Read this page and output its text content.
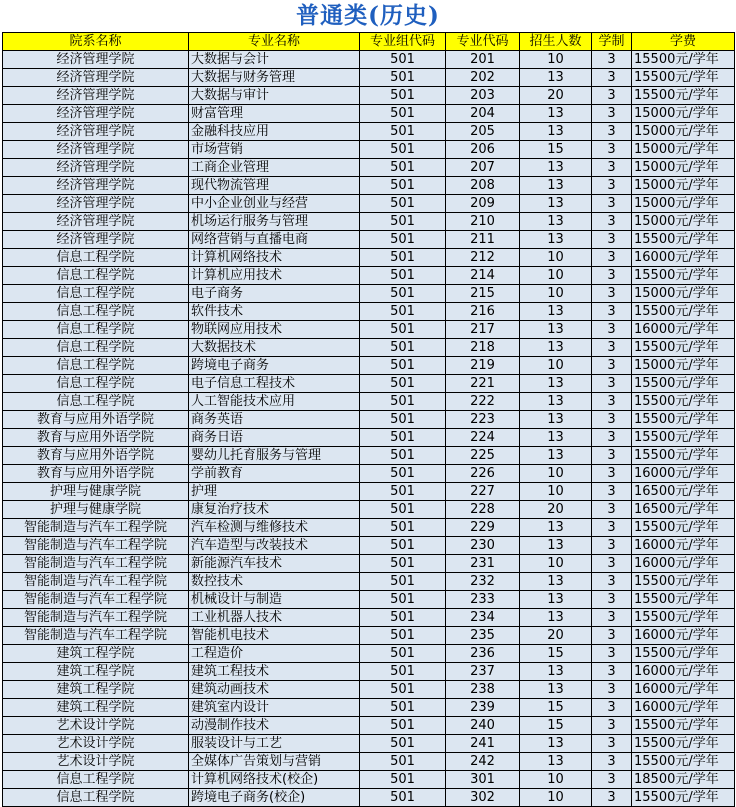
普通类(历史)
院系名称	专业名称	专业组代码	专业代码	招生人数	学制	学费
经济管理学院	大数据与会计	501	201	10	3	15500元/学年
经济管理学院	大数据与财务管理	501	202	13	3	15500元/学年
经济管理学院	大数据与审计	501	203	20	3	15500元/学年
经济管理学院	财富管理	501	204	13	3	15000元/学年
经济管理学院	金融科技应用	501	205	13	3	15000元/学年
经济管理学院	市场营销	501	206	15	3	15000元/学年
经济管理学院	工商企业管理	501	207	13	3	15000元/学年
经济管理学院	现代物流管理	501	208	13	3	15000元/学年
经济管理学院	中小企业创业与经营	501	209	13	3	15000元/学年
经济管理学院	机场运行服务与管理	501	210	13	3	15000元/学年
经济管理学院	网络营销与直播电商	501	211	13	3	15500元/学年
信息工程学院	计算机网络技术	501	212	10	3	16000元/学年
信息工程学院	计算机应用技术	501	214	10	3	15500元/学年
信息工程学院	电子商务	501	215	10	3	15000元/学年
信息工程学院	软件技术	501	216	13	3	15500元/学年
信息工程学院	物联网应用技术	501	217	13	3	16000元/学年
信息工程学院	大数据技术	501	218	13	3	15500元/学年
信息工程学院	跨境电子商务	501	219	10	3	15000元/学年
信息工程学院	电子信息工程技术	501	221	13	3	15500元/学年
信息工程学院	人工智能技术应用	501	222	13	3	15500元/学年
教育与应用外语学院	商务英语	501	223	13	3	15500元/学年
教育与应用外语学院	商务日语	501	224	13	3	15500元/学年
教育与应用外语学院	婴幼儿托育服务与管理	501	225	13	3	15500元/学年
教育与应用外语学院	学前教育	501	226	10	3	16000元/学年
护理与健康学院	护理	501	227	10	3	16500元/学年
护理与健康学院	康复治疗技术	501	228	20	3	16500元/学年
智能制造与汽车工程学院	汽车检测与维修技术	501	229	13	3	15500元/学年
智能制造与汽车工程学院	汽车造型与改装技术	501	230	13	3	16000元/学年
智能制造与汽车工程学院	新能源汽车技术	501	231	10	3	16000元/学年
智能制造与汽车工程学院	数控技术	501	232	13	3	15500元/学年
智能制造与汽车工程学院	机械设计与制造	501	233	13	3	15500元/学年
智能制造与汽车工程学院	工业机器人技术	501	234	13	3	15500元/学年
智能制造与汽车工程学院	智能机电技术	501	235	20	3	16000元/学年
建筑工程学院	工程造价	501	236	15	3	15500元/学年
建筑工程学院	建筑工程技术	501	237	13	3	16000元/学年
建筑工程学院	建筑动画技术	501	238	13	3	16000元/学年
建筑工程学院	建筑室内设计	501	239	15	3	16000元/学年
艺术设计学院	动漫制作技术	501	240	15	3	15500元/学年
艺术设计学院	服装设计与工艺	501	241	13	3	15500元/学年
艺术设计学院	全媒体广告策划与营销	501	242	13	3	15500元/学年
信息工程学院	计算机网络技术(校企)	501	301	10	3	18500元/学年
信息工程学院	跨境电子商务(校企)	501	302	10	3	15500元/学年
